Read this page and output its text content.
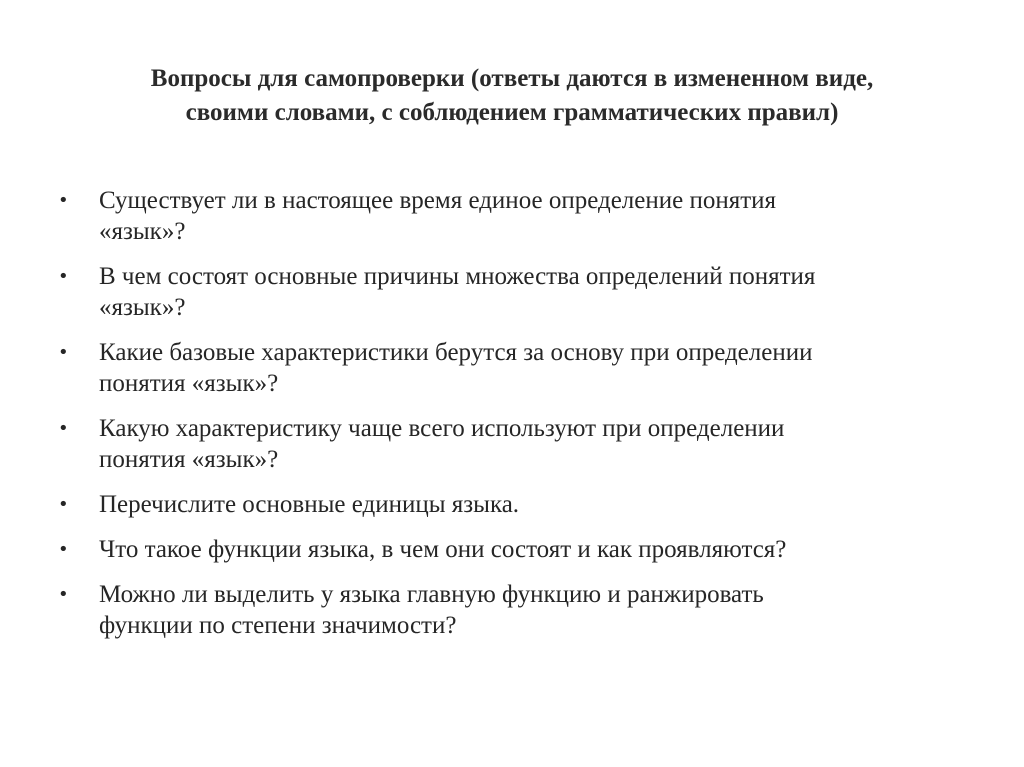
Вопросы для самопроверки (ответы даются в измененном виде,
своими словами, с соблюдением грамматических правил)
•	Существует ли в настоящее время единое определение понятия
«язык»?
•	В чем состоят основные причины множества определений понятия
«язык»?
•	Какие базовые характеристики берутся за основу при определении
понятия «язык»?
•	Какую характеристику чаще всего используют при определении
понятия «язык»?
•	Перечислите основные единицы языка.
•	Что такое функции языка, в чем они состоят и как проявляются?
•	Можно ли выделить у языка главную функцию и ранжировать
функции по степени значимости?
